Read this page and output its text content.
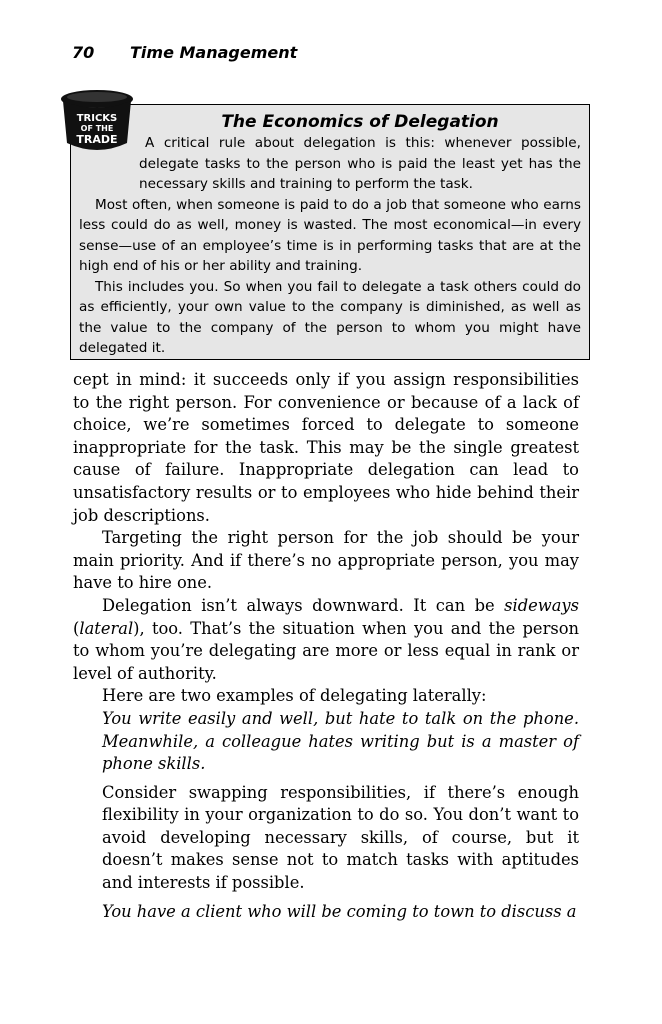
70 Time Management
TRICKS
OF THE
TRADE
The Economics of Delegation

A critical rule about delegation is this: whenever possible, delegate tasks to the person who is paid the least yet has the necessary skills and training to perform the task.

Most often, when someone is paid to do a job that someone who earns less could do as well, money is wasted. The most economical—in every sense—use of an employee’s time is in performing tasks that are at the high end of his or her ability and training.

This includes you. So when you fail to delegate a task others could do as efficiently, your own value to the company is diminished, as well as the value to the company of the person to whom you might have delegated it.

cept in mind: it succeeds only if you assign responsibilities to the right person. For convenience or because of a lack of choice, we’re sometimes forced to delegate to someone inappropriate for the task. This may be the single greatest cause of failure. Inappropriate delegation can lead to unsatisfactory results or to employees who hide behind their job descriptions.

Targeting the right person for the job should be your main priority. And if there’s no appropriate person, you may have to hire one.

Delegation isn’t always downward. It can be sideways (lateral), too. That’s the situation when you and the person to whom you’re delegating are more or less equal in rank or level of authority.

Here are two examples of delegating laterally:

You write easily and well, but hate to talk on the phone. Meanwhile, a colleague hates writing but is a master of phone skills.

Consider swapping responsibilities, if there’s enough flexibility in your organization to do so. You don’t want to avoid developing necessary skills, of course, but it doesn’t makes sense not to match tasks with aptitudes and interests if possible.

You have a client who will be coming to town to discuss a
